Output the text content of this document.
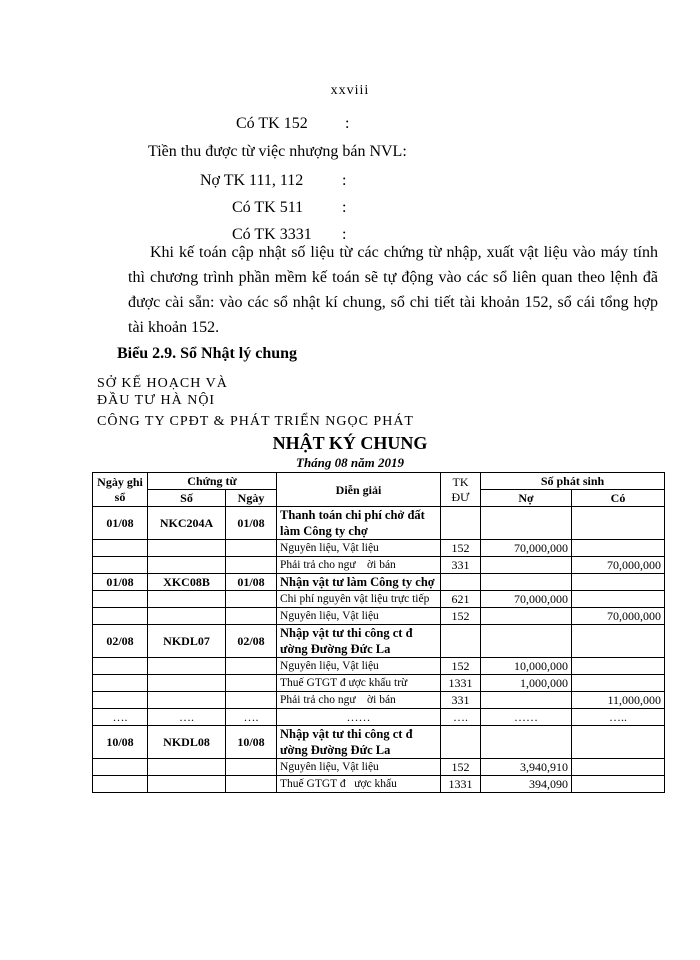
xxviii
Có TK 152 :
Tiền thu được từ việc nhượng bán NVL:
Nợ TK 111, 112 :
Có TK 511 :
Có TK 3331 :
Khi kế toán cập nhật số liệu từ các chứng từ nhập, xuất vật liệu vào máy tính thì chương trình phần mềm kế toán sẽ tự động vào các sổ liên quan theo lệnh đã được cài sẵn: vào các sổ nhật kí chung, sổ chi tiết tài khoản 152, sổ cái tổng hợp tài khoản 152.
Biểu 2.9. Sổ Nhật lý chung
SỞ KẾ HOẠCH VÀ
ĐẦU TƯ HÀ NỘI
CÔNG TY CPĐT & PHÁT TRIỂN NGỌC PHÁT
NHẬT KÝ CHUNG
Tháng 08 năm 2019
Ngày ghi sổ	Chứng từ		Diễn giải	TK ĐƯ	Số phát sinh	
	Số	Ngày			Nợ	Có
01/08	NKC204A	01/08	Thanh toán chi phí chở đất làm Công ty chợ			
			Nguyên liệu, Vật liệu	152	70,000,000	
			Phải trả cho ngư    ời bán	331		70,000,000
01/08	XKC08B	01/08	Nhận vật tư làm Công ty chợ			
			Chi phí nguyên vật liệu trực tiếp	621	70,000,000	
			Nguyên liệu, Vật liệu	152		70,000,000
02/08	NKDL07	02/08	Nhập vật tư thi công ct đ ường Đường Đức La			
			Nguyên liệu, Vật liệu	152	10,000,000	
			Thuế GTGT đ ược khấu trừ	1331	1,000,000	
			Phải trả cho ngư    ời bán	331		11,000,000
….	….	….	……	….	……	…..
10/08	NKDL08	10/08	Nhập vật tư thi công ct đ ường Đường Đức La			
			Nguyên liệu, Vật liệu	152	3,940,910	
			Thuế GTGT đ   ược khấu	1331	394,090	
